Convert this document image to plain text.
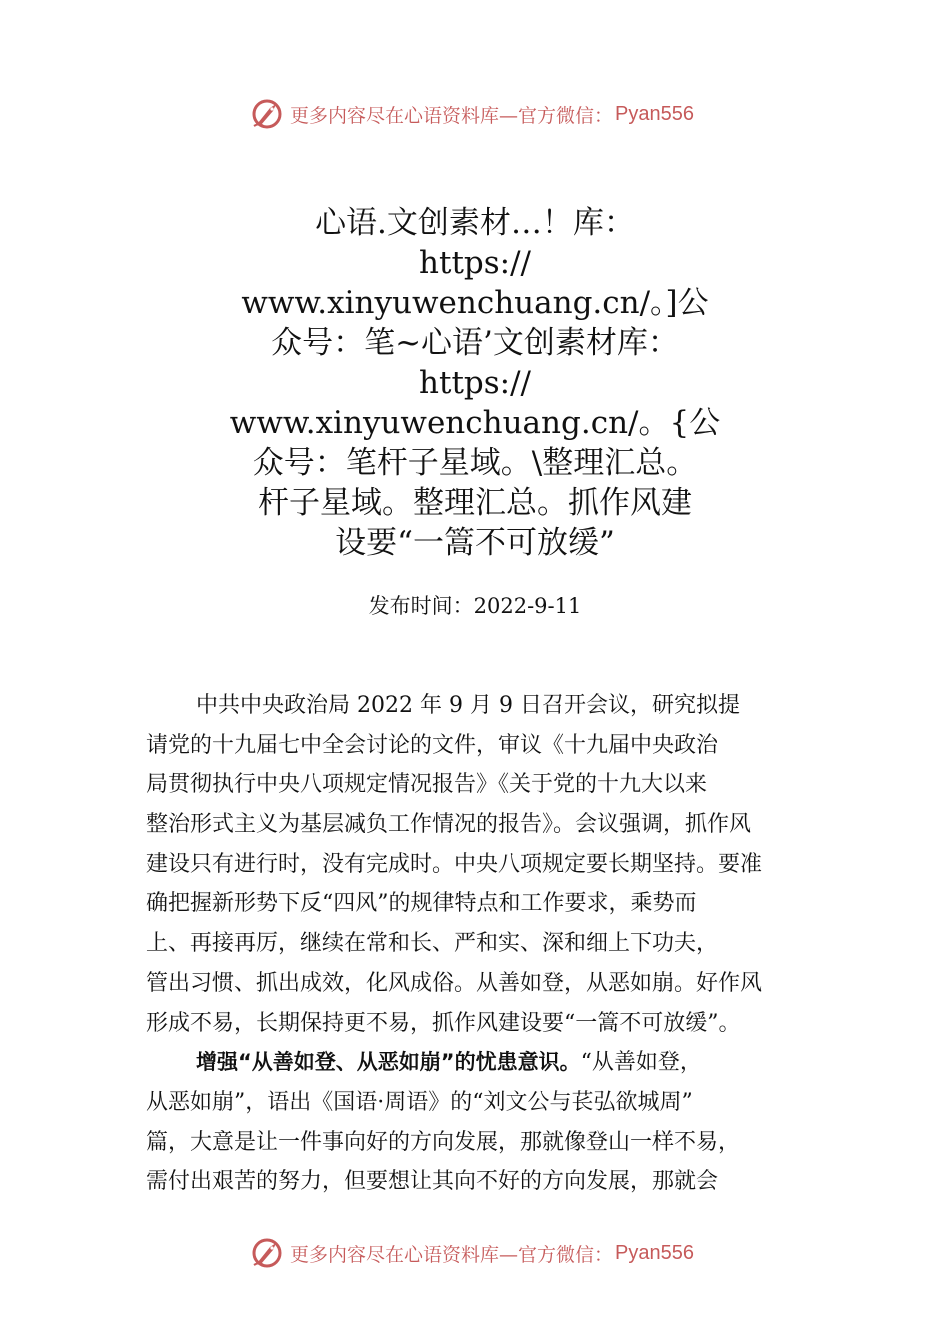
更多内容尽在心语资料库—官方微信： Pyan556
心语.文创素材…！库：
https://
www.xinyuwenchuang.cn/。]公
众号：笔~心语’文创素材库：
https://
www.xinyuwenchuang.cn/。{公
众号：笔杆子星域。\整理汇总。
杆子星域。整理汇总。抓作风建
设要“一篙不可放缓”
发布时间：2022-9-11
中共中央政治局 2022 年 9 月 9 日召开会议，研究拟提
请党的十九届七中全会讨论的文件，审议《十九届中央政治
局贯彻执行中央八项规定情况报告》《关于党的十九大以来
整治形式主义为基层减负工作情况的报告》。会议强调，抓作风
建设只有进行时，没有完成时。中央八项规定要长期坚持。要准
确把握新形势下反“四风”的规律特点和工作要求，乘势而
上、再接再厉，继续在常和长、严和实、深和细上下功夫，
管出习惯、抓出成效，化风成俗。从善如登，从恶如崩。好作风
形成不易，长期保持更不易，抓作风建设要“一篙不可放缓”。
增强“从善如登、从恶如崩”的忧患意识。“从善如登，
从恶如崩”，语出《国语·周语》的“刘文公与苌弘欲城周”
篇，大意是让一件事向好的方向发展，那就像登山一样不易，
需付出艰苦的努力，但要想让其向不好的方向发展，那就会
更多内容尽在心语资料库—官方微信： Pyan556
